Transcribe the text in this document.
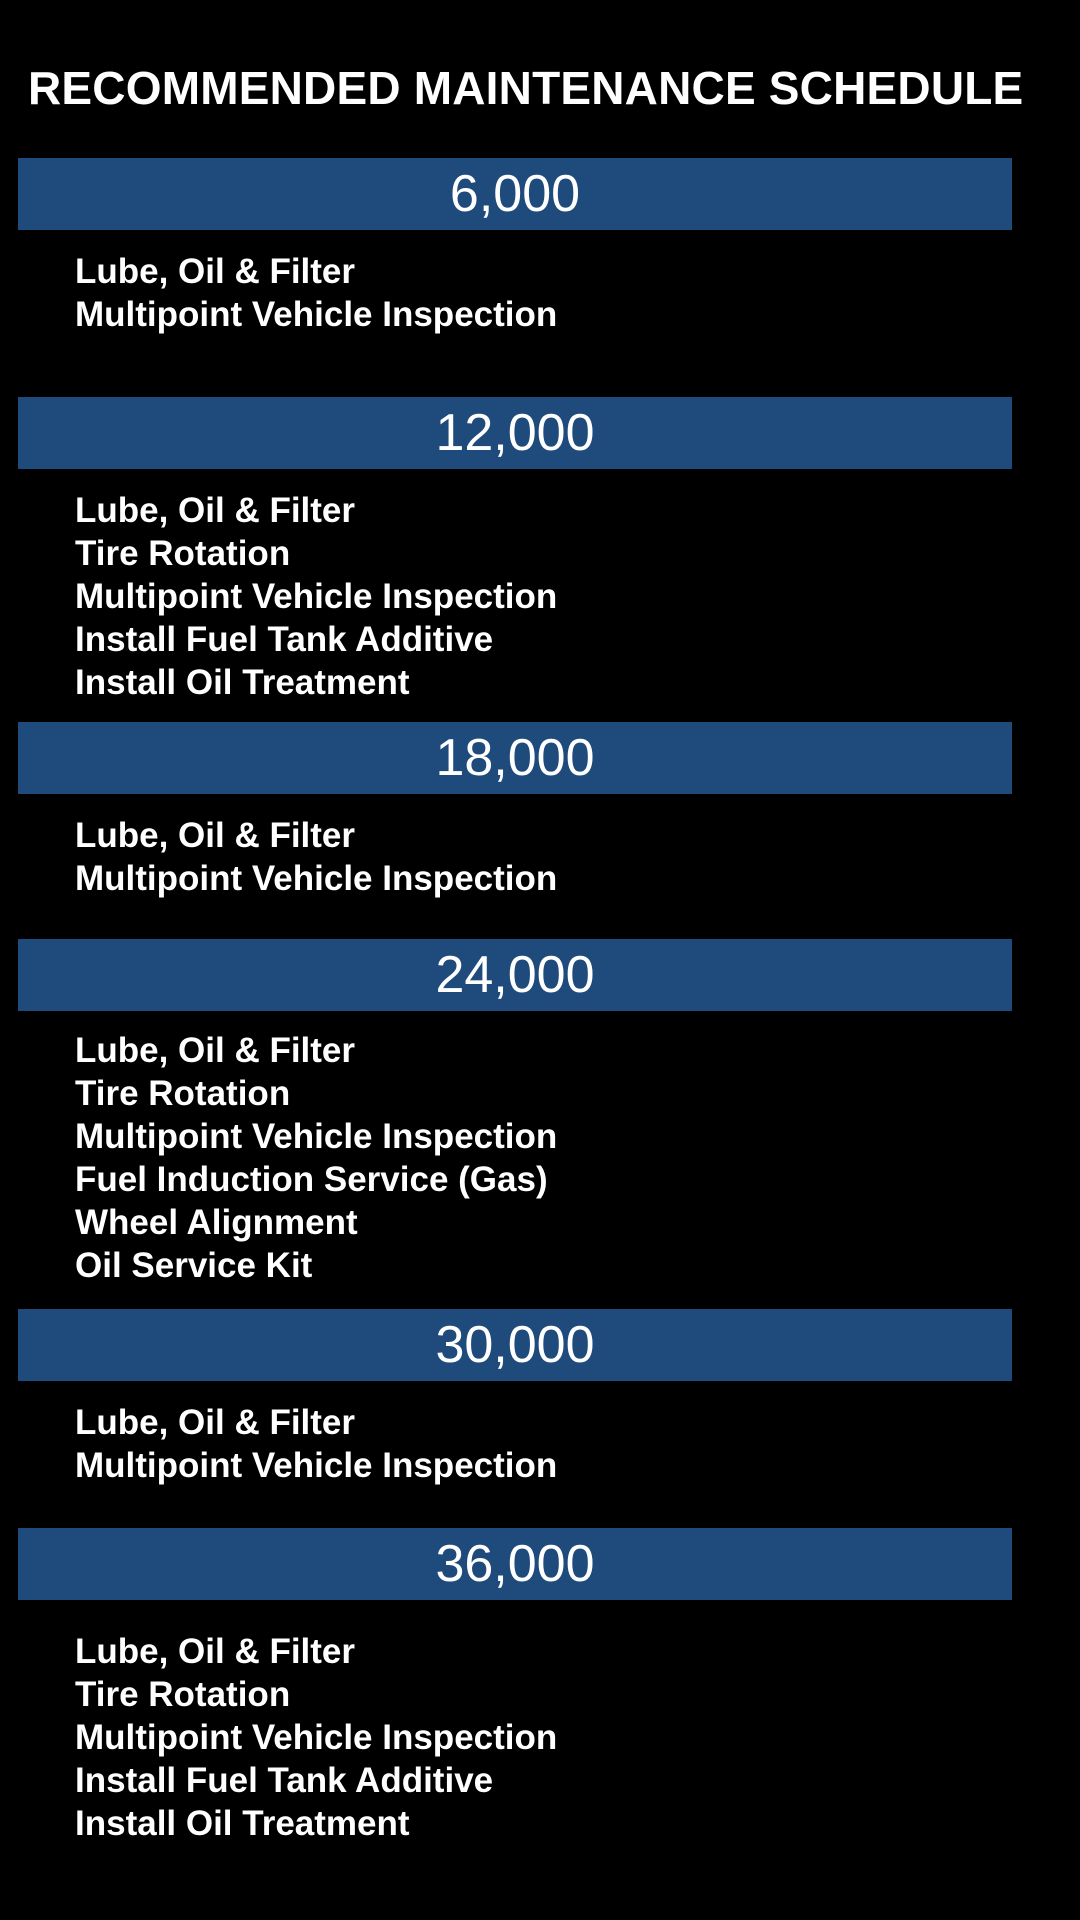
RECOMMENDED MAINTENANCE SCHEDULE
6,000
Lube, Oil & Filter
Multipoint Vehicle Inspection
12,000
Lube, Oil & Filter
Tire Rotation
Multipoint Vehicle Inspection
Install Fuel Tank Additive
Install Oil Treatment
18,000
Lube, Oil & Filter
Multipoint Vehicle Inspection
24,000
Lube, Oil & Filter
Tire Rotation
Multipoint Vehicle Inspection
Fuel Induction Service (Gas)
Wheel Alignment
Oil Service Kit
30,000
Lube, Oil & Filter
Multipoint Vehicle Inspection
36,000
Lube, Oil & Filter
Tire Rotation
Multipoint Vehicle Inspection
Install Fuel Tank Additive
Install Oil Treatment
